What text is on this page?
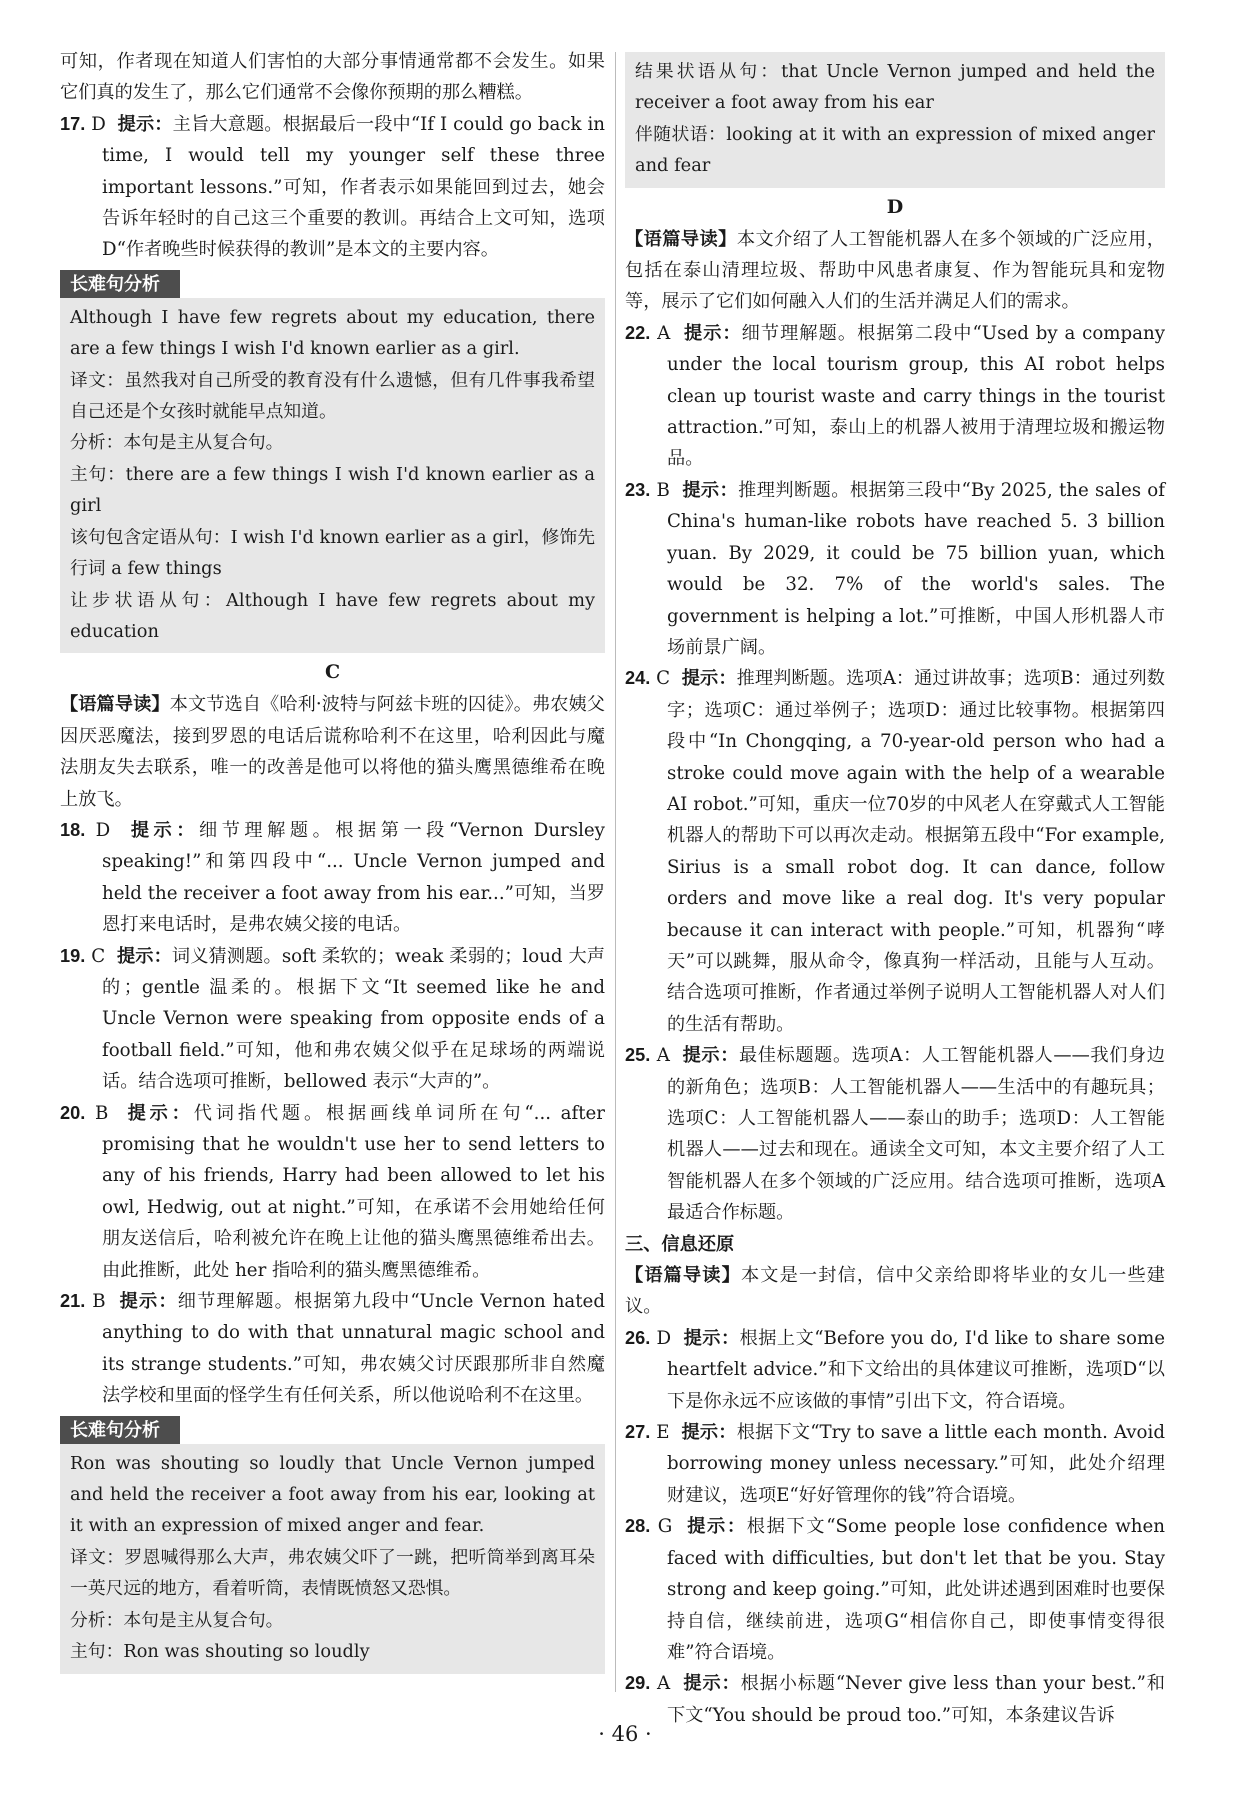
可知，作者现在知道人们害怕的大部分事情通常都不会发生。如果它们真的发生了，那么它们通常不会像你预期的那么糟糕。

17. D 提示：主旨大意题。根据最后一段中“If I could go back in time, I would tell my younger self these three important lessons.”可知，作者表示如果能回到过去，她会告诉年轻时的自己这三个重要的教训。再结合上文可知，选项D“作者晚些时候获得的教训”是本文的主要内容。

长难句分析

Although I have few regrets about my education, there are a few things I wish I'd known earlier as a girl.

译文：虽然我对自己所受的教育没有什么遗憾，但有几件事我希望自己还是个女孩时就能早点知道。

分析：本句是主从复合句。

主句：there are a few things I wish I'd known earlier as a girl

该句包含定语从句：I wish I'd known earlier as a girl，修饰先行词 a few things

让步状语从句：Although I have few regrets about my education

C

【语篇导读】本文节选自《哈利·波特与阿兹卡班的囚徒》。弗农姨父因厌恶魔法，接到罗恩的电话后谎称哈利不在这里，哈利因此与魔法朋友失去联系，唯一的改善是他可以将他的猫头鹰黑德维希在晚上放飞。

18. D 提示：细节理解题。根据第一段“Vernon Dursley speaking!”和第四段中“... Uncle Vernon jumped and held the receiver a foot away from his ear...”可知，当罗恩打来电话时，是弗农姨父接的电话。

19. C 提示：词义猜测题。soft 柔软的；weak 柔弱的；loud 大声的；gentle 温柔的。根据下文“It seemed like he and Uncle Vernon were speaking from opposite ends of a football field.”可知，他和弗农姨父似乎在足球场的两端说话。结合选项可推断，bellowed 表示“大声的”。

20. B 提示：代词指代题。根据画线单词所在句“... after promising that he wouldn't use her to send letters to any of his friends, Harry had been allowed to let his owl, Hedwig, out at night.”可知，在承诺不会用她给任何朋友送信后，哈利被允许在晚上让他的猫头鹰黑德维希出去。由此推断，此处 her 指哈利的猫头鹰黑德维希。

21. B 提示：细节理解题。根据第九段中“Uncle Vernon hated anything to do with that unnatural magic school and its strange students.”可知，弗农姨父讨厌跟那所非自然魔法学校和里面的怪学生有任何关系，所以他说哈利不在这里。

长难句分析

Ron was shouting so loudly that Uncle Vernon jumped and held the receiver a foot away from his ear, looking at it with an expression of mixed anger and fear.

译文：罗恩喊得那么大声，弗农姨父吓了一跳，把听筒举到离耳朵一英尺远的地方，看着听筒，表情既愤怒又恐惧。

分析：本句是主从复合句。

主句：Ron was shouting so loudly

结果状语从句：that Uncle Vernon jumped and held the receiver a foot away from his ear

伴随状语：looking at it with an expression of mixed anger and fear

D

【语篇导读】本文介绍了人工智能机器人在多个领域的广泛应用，包括在泰山清理垃圾、帮助中风患者康复、作为智能玩具和宠物等，展示了它们如何融入人们的生活并满足人们的需求。

22. A 提示：细节理解题。根据第二段中“Used by a company under the local tourism group, this AI robot helps clean up tourist waste and carry things in the tourist attraction.”可知，泰山上的机器人被用于清理垃圾和搬运物品。

23. B 提示：推理判断题。根据第三段中“By 2025, the sales of China's human-like robots have reached 5. 3 billion yuan. By 2029, it could be 75 billion yuan, which would be 32. 7% of the world's sales. The government is helping a lot.”可推断，中国人形机器人市场前景广阔。

24. C 提示：推理判断题。选项A：通过讲故事；选项B：通过列数字；选项C：通过举例子；选项D：通过比较事物。根据第四段中“In Chongqing, a 70-year-old person who had a stroke could move again with the help of a wearable AI robot.”可知，重庆一位70岁的中风老人在穿戴式人工智能机器人的帮助下可以再次走动。根据第五段中“For example, Sirius is a small robot dog. It can dance, follow orders and move like a real dog. It's very popular because it can interact with people.”可知，机器狗“哮天”可以跳舞，服从命令，像真狗一样活动，且能与人互动。结合选项可推断，作者通过举例子说明人工智能机器人对人们的生活有帮助。

25. A 提示：最佳标题题。选项A：人工智能机器人——我们身边的新角色；选项B：人工智能机器人——生活中的有趣玩具；选项C：人工智能机器人——泰山的助手；选项D：人工智能机器人——过去和现在。通读全文可知，本文主要介绍了人工智能机器人在多个领域的广泛应用。结合选项可推断，选项A最适合作标题。

三、信息还原

【语篇导读】本文是一封信，信中父亲给即将毕业的女儿一些建议。

26. D 提示：根据上文“Before you do, I'd like to share some heartfelt advice.”和下文给出的具体建议可推断，选项D“以下是你永远不应该做的事情”引出下文，符合语境。

27. E 提示：根据下文“Try to save a little each month. Avoid borrowing money unless necessary.”可知，此处介绍理财建议，选项E“好好管理你的钱”符合语境。

28. G 提示：根据下文“Some people lose confidence when faced with difficulties, but don't let that be you. Stay strong and keep going.”可知，此处讲述遇到困难时也要保持自信，继续前进，选项G“相信你自己，即使事情变得很难”符合语境。

29. A 提示：根据小标题“Never give less than your best.”和下文“You should be proud too.”可知，本条建议告诉

· 46 ·
